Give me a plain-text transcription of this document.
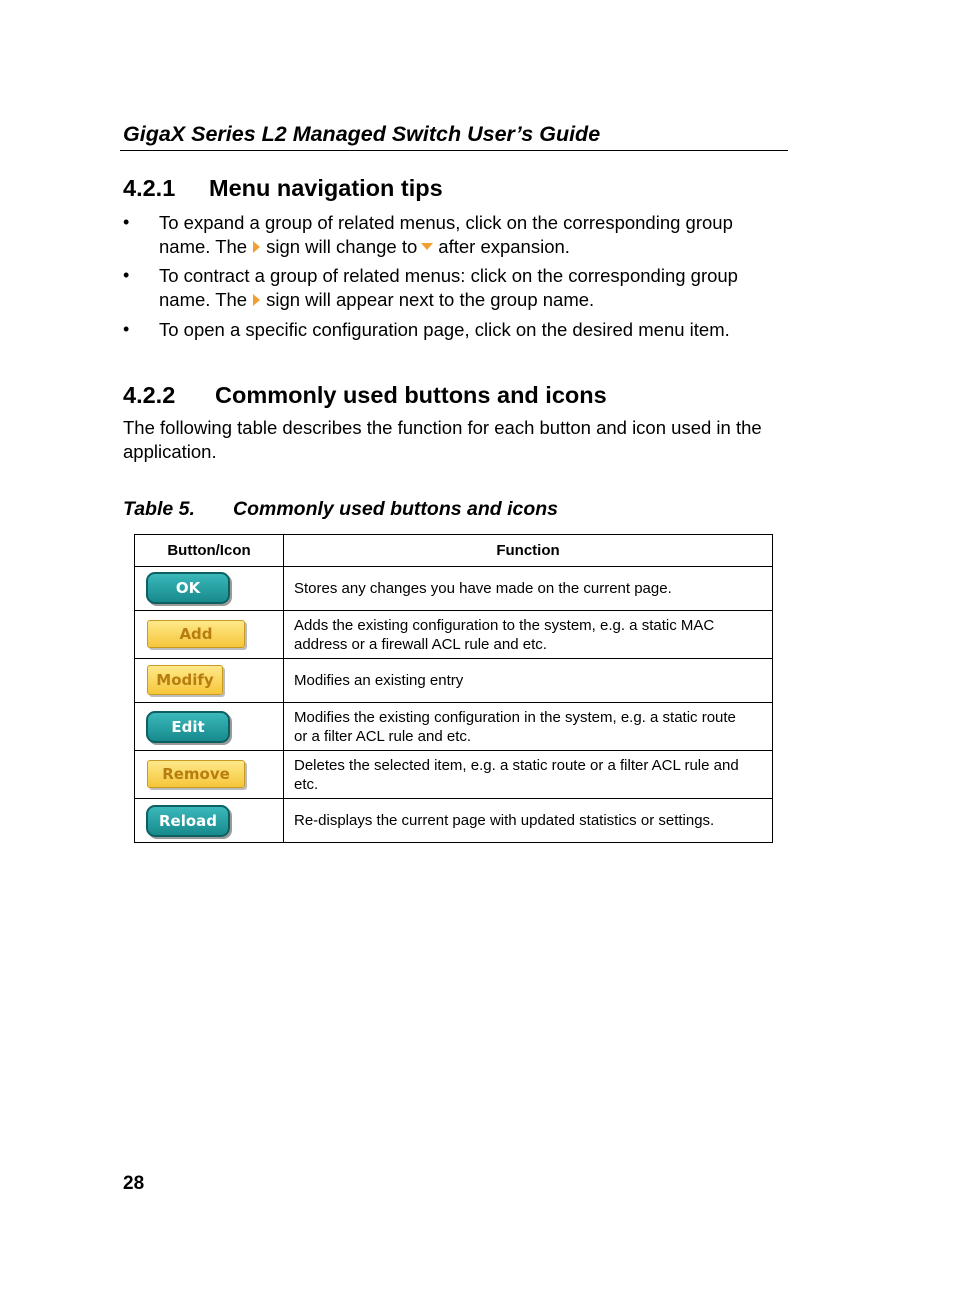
GigaX Series L2 Managed Switch User’s Guide
4.2.1 Menu navigation tips
• To expand a group of related menus, click on the corresponding group
name. The sign will change to after expansion.
• To contract a group of related menus: click on the corresponding group
name. The sign will appear next to the group name.
• To open a specific configuration page, click on the desired menu item.
4.2.2 Commonly used buttons and icons
The following table describes the function for each button and icon used in the
application.
Table 5. Commonly used buttons and icons
Button/Icon	Function

OK	Stores any changes you have made on the current page.

Add	Adds the existing configuration to the system, e.g. a static MAC
address or a firewall ACL rule and etc.

Modify	Modifies an existing entry

Edit	Modifies the existing configuration in the system, e.g. a static route
or a filter ACL rule and etc.

Remove	Deletes the selected item, e.g. a static route or a filter ACL rule and
etc.

Reload	Re-displays the current page with updated statistics or settings.
28
